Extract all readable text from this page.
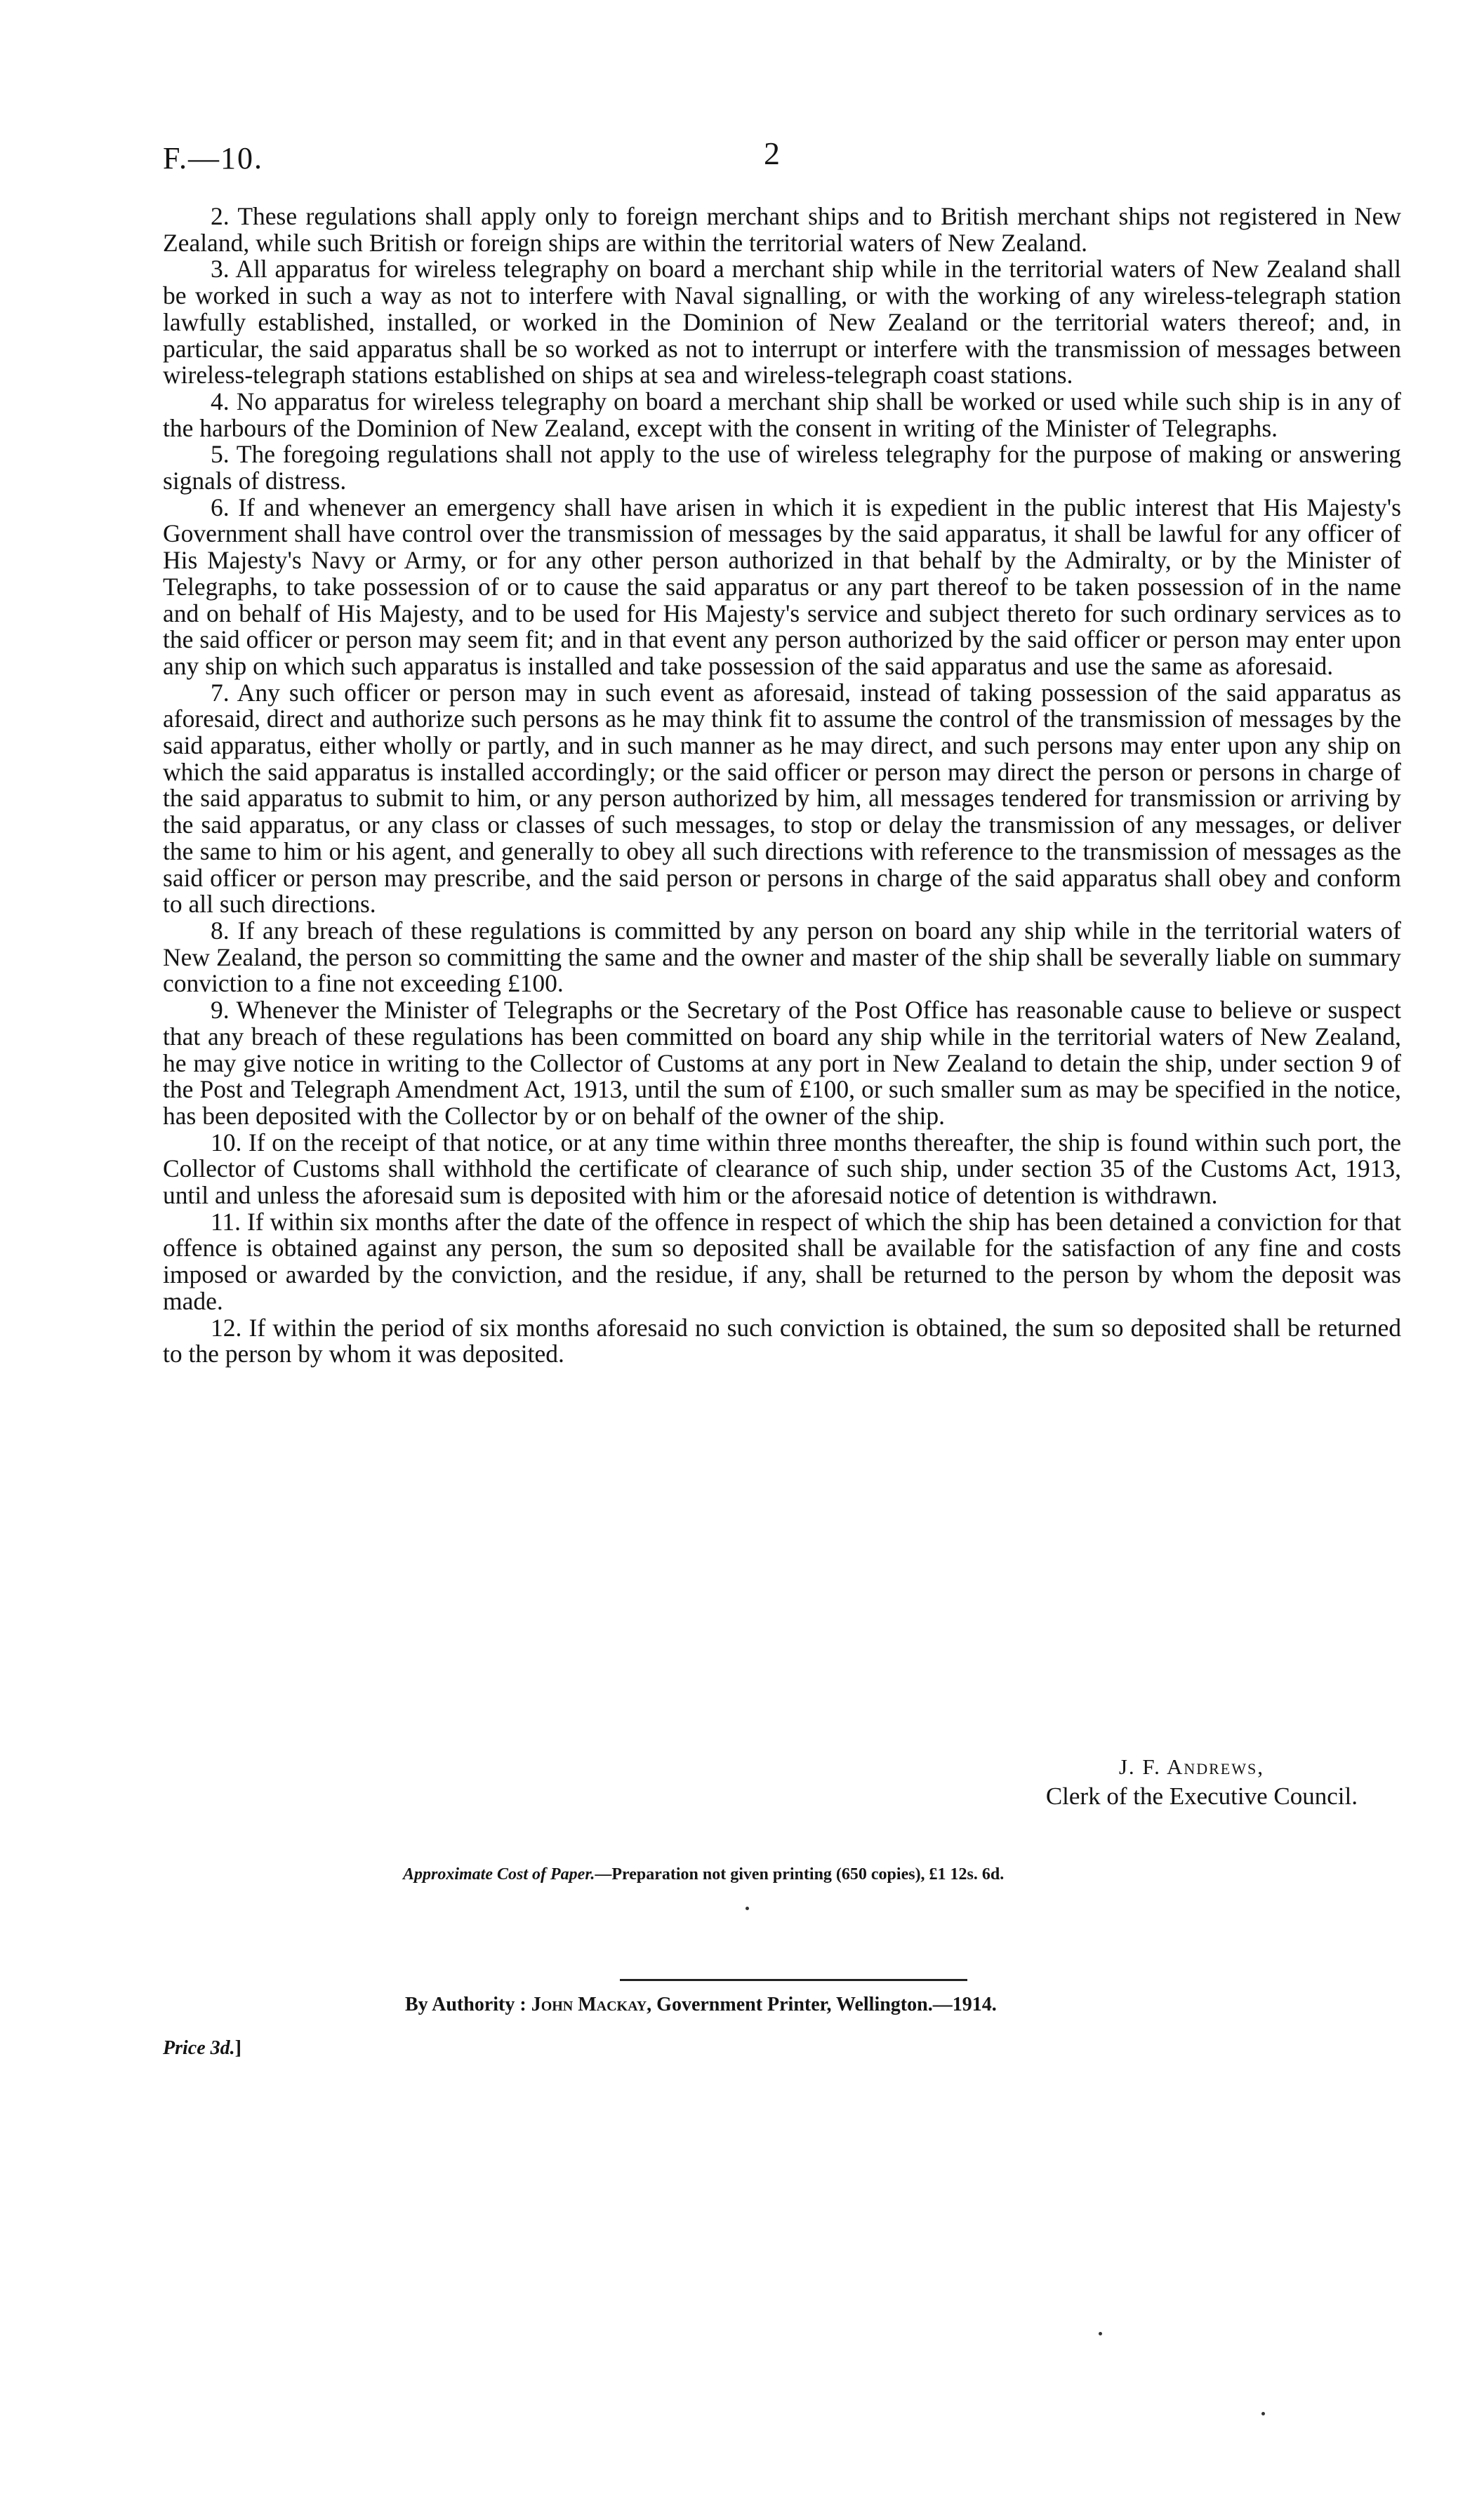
F.—10.	2

2. These regulations shall apply only to foreign merchant ships and to British merchant ships not registered in New Zealand, while such British or foreign ships are within the territorial waters of New Zealand.

3. All apparatus for wireless telegraphy on board a merchant ship while in the territorial waters of New Zealand shall be worked in such a way as not to interfere with Naval signalling, or with the working of any wireless-telegraph station lawfully established, installed, or worked in the Dominion of New Zealand or the territorial waters thereof; and, in particular, the said apparatus shall be so worked as not to interrupt or interfere with the transmission of messages between wireless-telegraph stations established on ships at sea and wireless-telegraph coast stations.

4. No apparatus for wireless telegraphy on board a merchant ship shall be worked or used while such ship is in any of the harbours of the Dominion of New Zealand, except with the consent in writing of the Minister of Telegraphs.

5. The foregoing regulations shall not apply to the use of wireless telegraphy for the purpose of making or answering signals of distress.

6. If and whenever an emergency shall have arisen in which it is expedient in the public interest that His Majesty's Government shall have control over the transmission of messages by the said apparatus, it shall be lawful for any officer of His Majesty's Navy or Army, or for any other person authorized in that behalf by the Admiralty, or by the Minister of Telegraphs, to take possession of or to cause the said apparatus or any part thereof to be taken possession of in the name and on behalf of His Majesty, and to be used for His Majesty's service and subject thereto for such ordinary services as to the said officer or person may seem fit; and in that event any person authorized by the said officer or person may enter upon any ship on which such apparatus is installed and take possession of the said apparatus and use the same as aforesaid.

7. Any such officer or person may in such event as aforesaid, instead of taking possession of the said apparatus as aforesaid, direct and authorize such persons as he may think fit to assume the control of the transmission of messages by the said apparatus, either wholly or partly, and in such manner as he may direct, and such persons may enter upon any ship on which the said apparatus is installed accordingly; or the said officer or person may direct the person or persons in charge of the said apparatus to submit to him, or any person authorized by him, all messages tendered for transmission or arriving by the said apparatus, or any class or classes of such messages, to stop or delay the transmission of any messages, or deliver the same to him or his agent, and generally to obey all such directions with reference to the transmission of messages as the said officer or person may prescribe, and the said person or persons in charge of the said apparatus shall obey and conform to all such directions.

8. If any breach of these regulations is committed by any person on board any ship while in the territorial waters of New Zealand, the person so committing the same and the owner and master of the ship shall be severally liable on summary conviction to a fine not exceeding £100.

9. Whenever the Minister of Telegraphs or the Secretary of the Post Office has reasonable cause to believe or suspect that any breach of these regulations has been committed on board any ship while in the territorial waters of New Zealand, he may give notice in writing to the Collector of Customs at any port in New Zealand to detain the ship, under section 9 of the Post and Telegraph Amendment Act, 1913, until the sum of £100, or such smaller sum as may be specified in the notice, has been deposited with the Collector by or on behalf of the owner of the ship.

10. If on the receipt of that notice, or at any time within three months thereafter, the ship is found within such port, the Collector of Customs shall withhold the certificate of clearance of such ship, under section 35 of the Customs Act, 1913, until and unless the aforesaid sum is deposited with him or the aforesaid notice of detention is withdrawn.

11. If within six months after the date of the offence in respect of which the ship has been detained a conviction for that offence is obtained against any person, the sum so deposited shall be available for the satisfaction of any fine and costs imposed or awarded by the conviction, and the residue, if any, shall be returned to the person by whom the deposit was made.

12. If within the period of six months aforesaid no such conviction is obtained, the sum so deposited shall be returned to the person by whom it was deposited.

J. F. Andrews,
Clerk of the Executive Council.
Approximate Cost of Paper.—Preparation not given printing (650 copies), £1 12s. 6d.
By Authority : John Mackay, Government Printer, Wellington.—1914.
Price 3d.]
